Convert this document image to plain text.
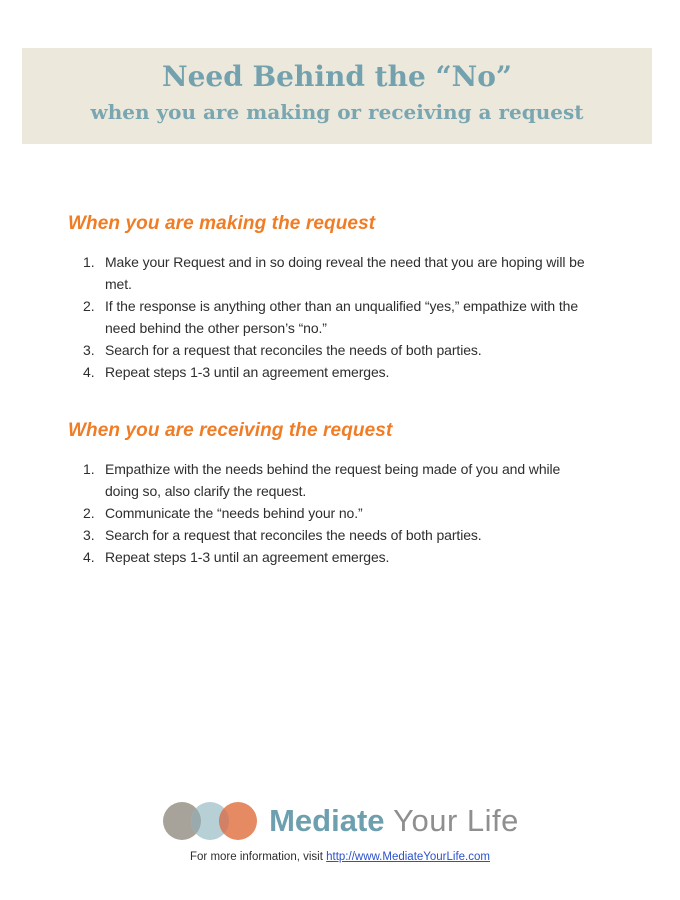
Need Behind the “No”
when you are making or receiving a request
When you are making the request
Make your Request and in so doing reveal the need that you are hoping will be met.
If the response is anything other than an unqualified “yes,” empathize with the need behind the other person’s “no.”
Search for a request that reconciles the needs of both parties.
Repeat steps 1-3 until an agreement emerges.
When you are receiving the request
Empathize with the needs behind the request being made of you and while doing so, also clarify the request.
Communicate the “needs behind your no.”
Search for a request that reconciles the needs of both parties.
Repeat steps 1-3 until an agreement emerges.
Mediate Your Life
For more information, visit http://www.MediateYourLife.com
